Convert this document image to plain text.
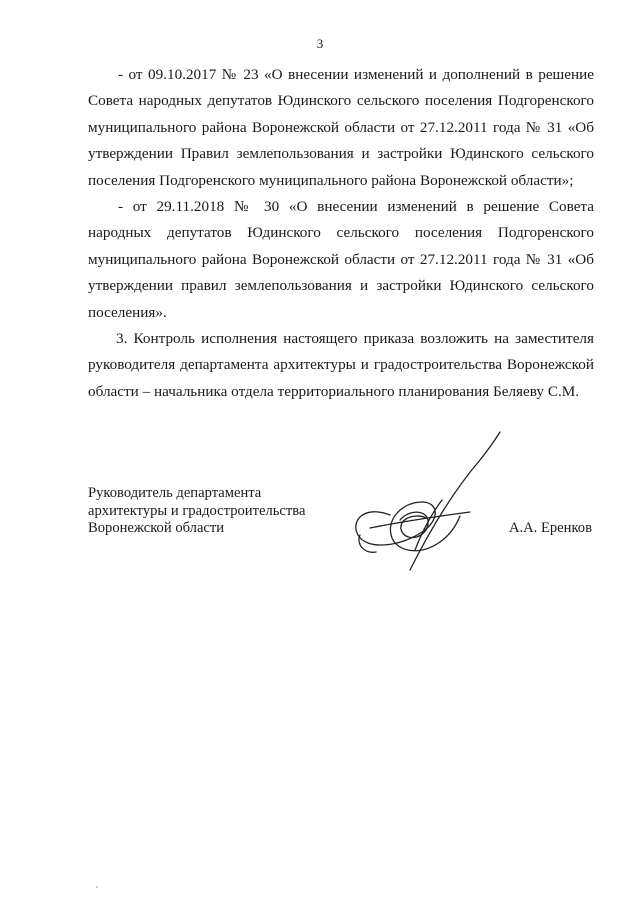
3

- от 09.10.2017 № 23 «О внесении изменений и дополнений в решение Совета народных депутатов Юдинского сельского поселения Подгоренского муниципального района Воронежской области от 27.12.2011 года № 31 «Об утверждении Правил землепользования и застройки Юдинского сельского поселения Подгоренского муниципального района Воронежской области»;

- от 29.11.2018 № 30 «О внесении изменений в решение Совета народных депутатов Юдинского сельского поселения Подгоренского муниципального района Воронежской области от 27.12.2011 года № 31 «Об утверждении правил землепользования и застройки Юдинского сельского поселения».

3. Контроль исполнения настоящего приказа возложить на заместителя руководителя департамента архитектуры и градостроительства Воронежской области – начальника отдела территориального планирования Беляеву С.М.

Руководитель департамента
архитектуры и градостроительства
Воронежской области	А.А. Еренков
